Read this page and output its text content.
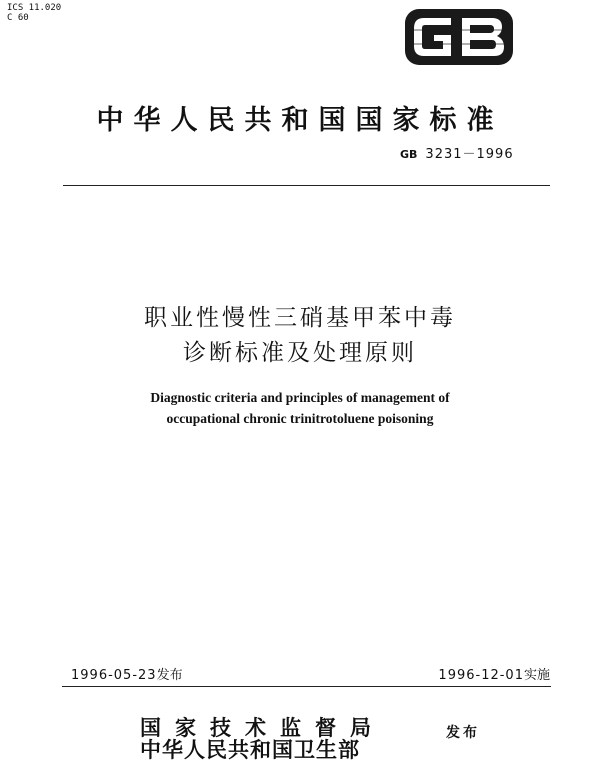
ICS 11.020
C 60
GB
中华人民共和国国家标准
GB 3231－1996
职业性慢性三硝基甲苯中毒
诊断标准及处理原则
Diagnostic criteria and principles of management of
occupational chronic trinitrotoluene poisoning
1996-05-23发布	1996-12-01实施
国家技术监督局
中华人民共和国卫生部
发布
